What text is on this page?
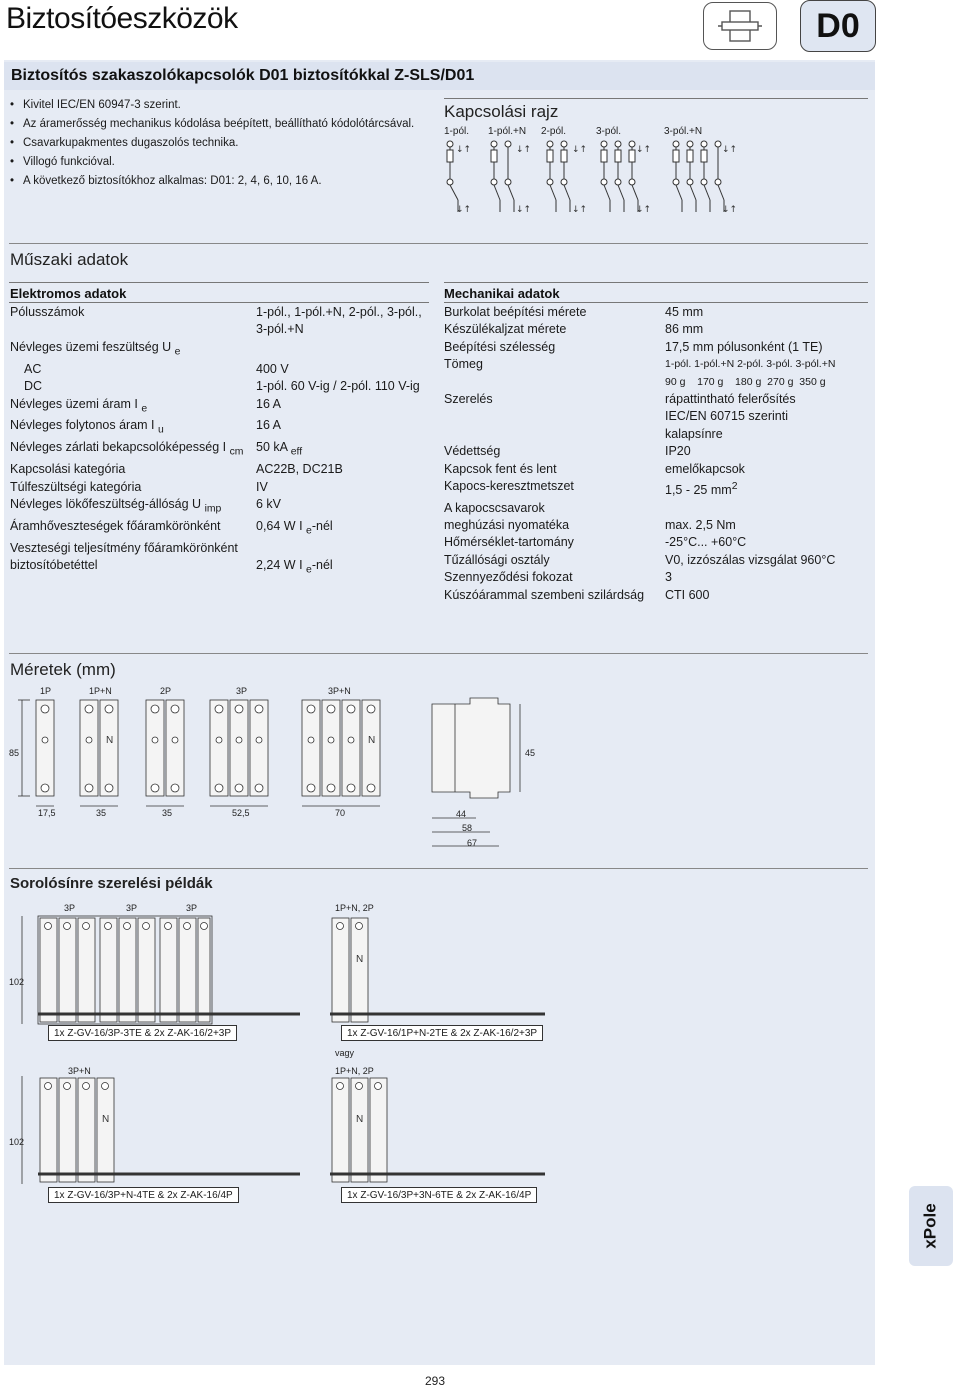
Biztosítóeszközök	D0
Biztosítós szakaszolókapcsolók D01 biztosítókkal Z-SLS/D01
• Kivitel IEC/EN 60947-3 szerint.
• Az áramerősség mechanikus kódolása beépített, beállítható kódolótárcsával.
• Csavarkupakmentes dugaszolós technika.
• Villogó funkcióval.
• A következő biztosítókhoz alkalmas: D01: 2, 4, 6, 10, 16 A.
Kapcsolási rajz
1-pól. 1-pól.+N 2-pól.	3-pól.	3-pól.+N
↓↑
↓↑
↓↑
↓↑
↓↑
↓↑
↓↑
↓↑
↓↑
↓↑
Műszaki adatok
Elektromos adatok	Mechanikai adatok
Pólusszámok	1-pól., 1-pól.+N, 2-pól., 3-pól.,
3-pól.+N
Névleges üzemi feszültség U $_e$
AC	400 V
DC	1-pól. 60 V-ig / 2-pól. 110 V-ig
Névleges üzemi áram I $_e$	16 A
Névleges folytonos áram I $_u$	16 A
Névleges zárlati bekapcsolóképesség I $_{cm}$	50 kA $_{eff}$
Kapcsolási kategória	AC22B, DC21B
Túlfeszültségi kategória	IV
Névleges lökőfeszültség-állóság U $_{imp}$	6 kV
Áramhőveszteségek főáramkörönként	0,64 W I $_e$-nél
Veszteségi teljesítmény főáramkörönként
biztosítóbetéttel	2,24 W I $_e$-nél
Burkolat beépítési mérete	45 mm
Készülékaljzat mérete	86 mm
Beépítési szélesség	17,5 mm pólusonként (1 TE)
Tömeg	1-pól. 1-pól.+N 2-pól. 3-pól. 3-pól.+N
90 g    170 g    180 g  270 g  350 g
Szerelés	rápattintható felerősítés
IEC/EN 60715 szerinti
kalapsínre
Védettség	IP20
Kapcsok fent és lent	emelőkapcsok
Kapocs-keresztmetszet	1,5 - 25 $mm^2$
A kapocscsavarok
meghúzási nyomatéka	max. 2,5 Nm
Hőmérséklet-tartomány	-25°C... +60°C
Tűzállósági osztály	V0, izzószálas vizsgálat 960°C
Szennyeződési fokozat	3
Kúszóárammal szembeni szilárdság	CTI 600
Méretek (mm)
1P	1P+N	2P	3P	3P+N
85
17,5	35	35	52,5	70
45
44
58
67
N	N
Sorolósínre szerelési példák
3P	3P	3P	1P+N, 2P
102
vagy
3P+N	1P+N, 2P
102
1x Z-GV-16/3P-3TE & 2x Z-AK-16/2+3P	1x Z-GV-16/1P+N-2TE & 2x Z-AK-16/2+3P
1x Z-GV-16/3P+N-4TE & 2x Z-AK-16/4P	1x Z-GV-16/3P+3N-6TE & 2x Z-AK-16/4P
N
N	N
xPole
293
